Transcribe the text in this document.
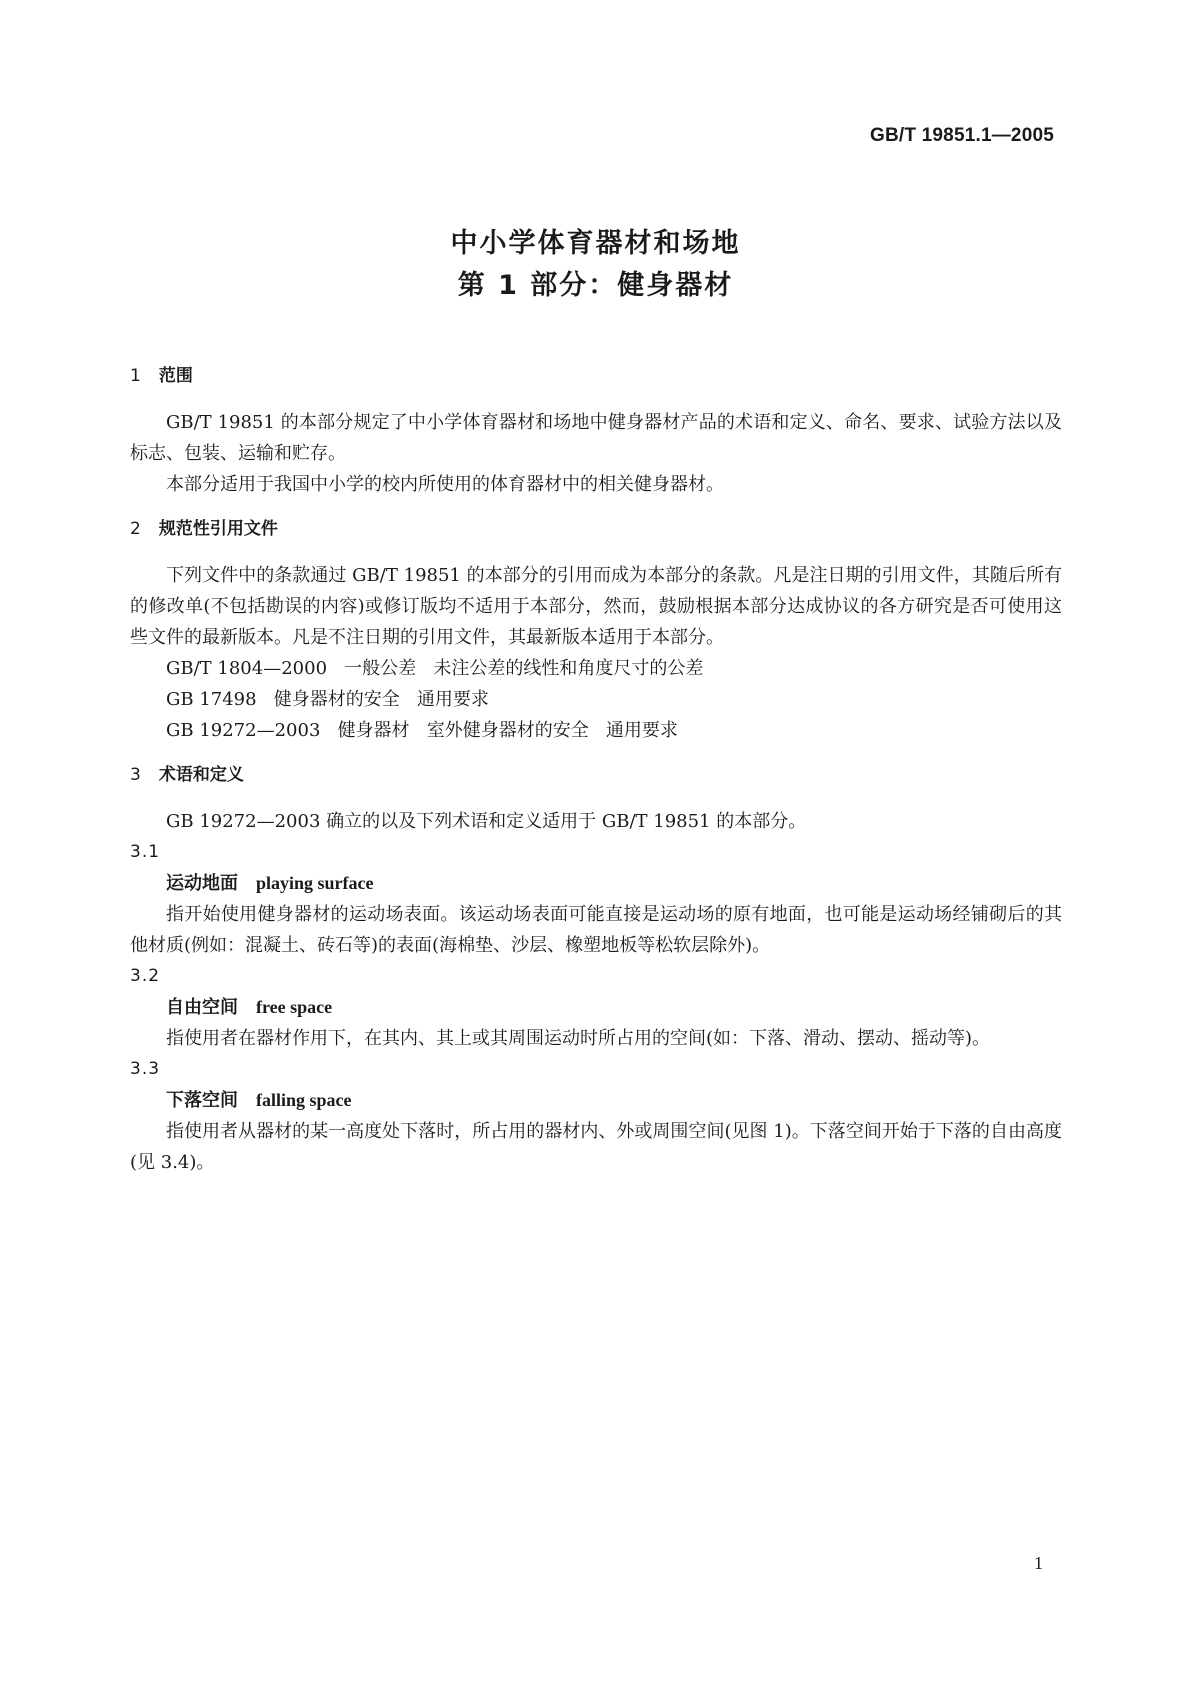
GB/T 19851.1—2005
中小学体育器材和场地
第 1 部分：健身器材
1 范围

GB/T 19851 的本部分规定了中小学体育器材和场地中健身器材产品的术语和定义、命名、要求、试验方法以及标志、包装、运输和贮存。

本部分适用于我国中小学的校内所使用的体育器材中的相关健身器材。

2 规范性引用文件

下列文件中的条款通过 GB/T 19851 的本部分的引用而成为本部分的条款。凡是注日期的引用文件，其随后所有的修改单(不包括勘误的内容)或修订版均不适用于本部分，然而，鼓励根据本部分达成协议的各方研究是否可使用这些文件的最新版本。凡是不注日期的引用文件，其最新版本适用于本部分。

GB/T 1804—2000   一般公差   未注公差的线性和角度尺寸的公差

GB 17498   健身器材的安全   通用要求

GB 19272—2003   健身器材   室外健身器材的安全   通用要求

3 术语和定义

GB 19272—2003 确立的以及下列术语和定义适用于 GB/T 19851 的本部分。

3.1

运动地面 playing surface

指开始使用健身器材的运动场表面。该运动场表面可能直接是运动场的原有地面，也可能是运动场经铺砌后的其他材质(例如：混凝土、砖石等)的表面(海棉垫、沙层、橡塑地板等松软层除外)。

3.2

自由空间 free space

指使用者在器材作用下，在其内、其上或其周围运动时所占用的空间(如：下落、滑动、摆动、摇动等)。

3.3

下落空间 falling space

指使用者从器材的某一高度处下落时，所占用的器材内、外或周围空间(见图 1)。下落空间开始于下落的自由高度(见 3.4)。

1
